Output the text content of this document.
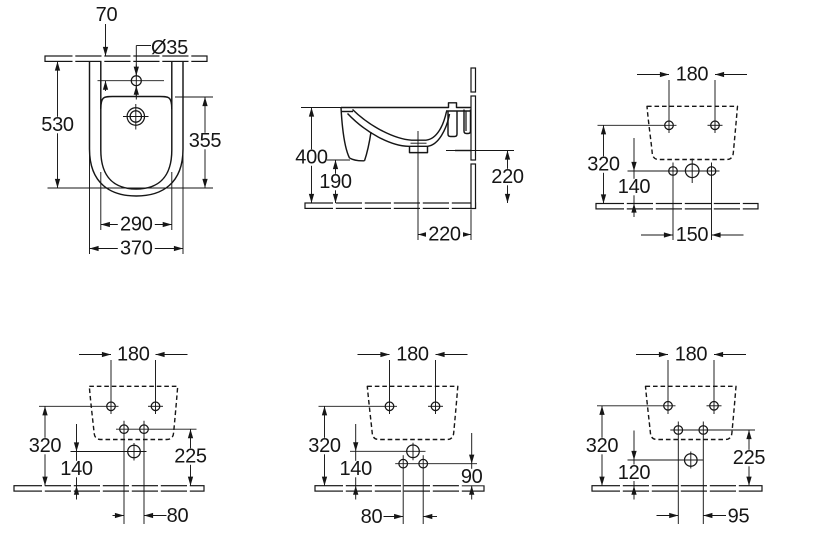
Ø35
70
530
355
290
370
400
190	220
220
180
320
140
150
180
320
140
225
80
180
320
140	90
80
180
320
120
225
95
